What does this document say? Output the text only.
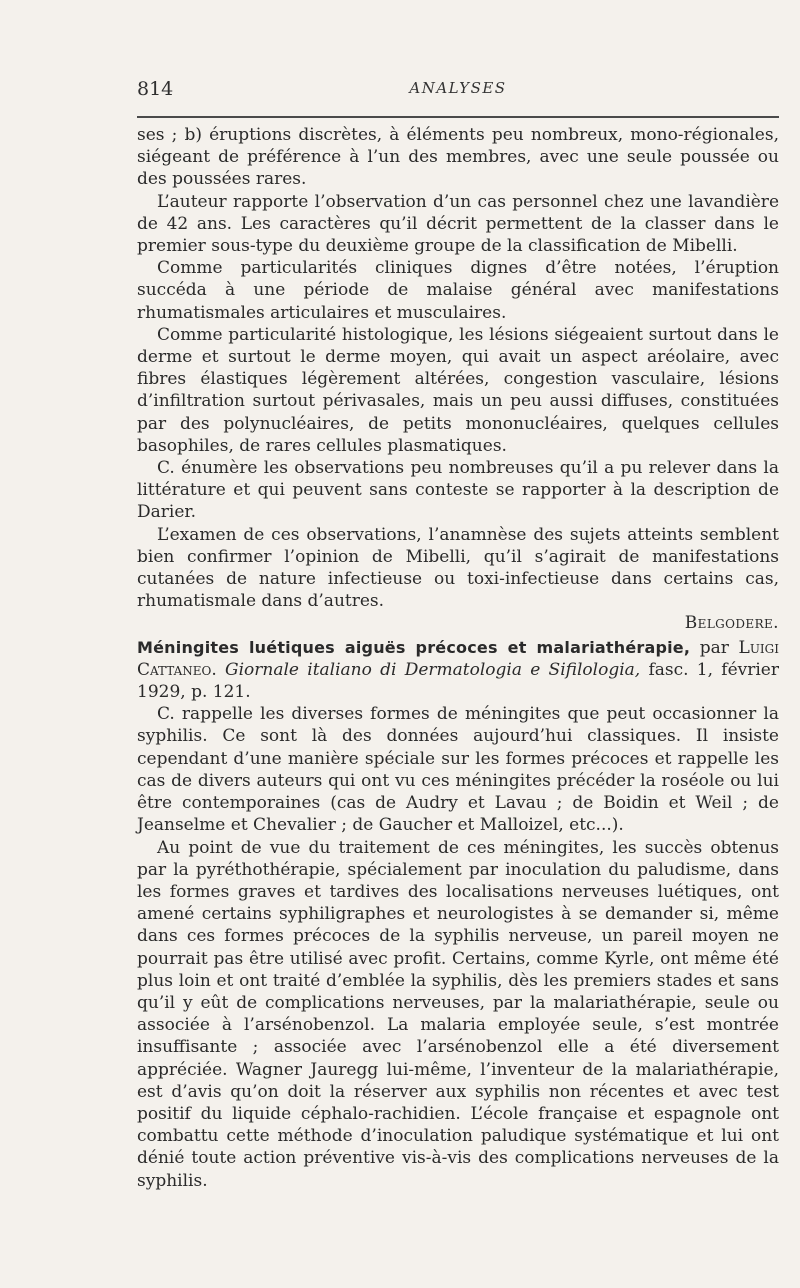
814	ANALYSES

ses ; b) éruptions discrètes, à éléments peu nombreux, mono-régionales, siégeant de préférence à l’un des membres, avec une seule poussée ou des poussées rares.

L’auteur rapporte l’observation d’un cas personnel chez une lavandière de 42 ans. Les caractères qu’il décrit permettent de la classer dans le premier sous-type du deuxième groupe de la classification de Mibelli.

Comme particularités cliniques dignes d’être notées, l’éruption succéda à une période de malaise général avec manifestations rhumatismales articulaires et musculaires.

Comme particularité histologique, les lésions siégeaient surtout dans le derme et surtout le derme moyen, qui avait un aspect aréolaire, avec fibres élastiques légèrement altérées, congestion vasculaire, lésions d’infiltration surtout périvasales, mais un peu aussi diffuses, constituées par des polynucléaires, de petits mononucléaires, quelques cellules basophiles, de rares cellules plasmatiques.

C. énumère les observations peu nombreuses qu’il a pu relever dans la littérature et qui peuvent sans conteste se rapporter à la description de Darier.

L’examen de ces observations, l’anamnèse des sujets atteints semblent bien confirmer l’opinion de Mibelli, qu’il s’agirait de manifestations cutanées de nature infectieuse ou toxi-infectieuse dans certains cas, rhumatismale dans d’autres.

Belgodere.

Méningites luétiques aiguës précoces et malariathérapie, par Luigi Cattaneo. Giornale italiano di Dermatologia e Sifilologia, fasc. 1, février 1929, p. 121.

C. rappelle les diverses formes de méningites que peut occasionner la syphilis. Ce sont là des données aujourd’hui classiques. Il insiste cependant d’une manière spéciale sur les formes précoces et rappelle les cas de divers auteurs qui ont vu ces méningites précéder la roséole ou lui être contemporaines (cas de Audry et Lavau ; de Boidin et Weil ; de Jeanselme et Chevalier ; de Gaucher et Malloizel, etc...).

Au point de vue du traitement de ces méningites, les succès obtenus par la pyréthothérapie, spécialement par inoculation du paludisme, dans les formes graves et tardives des localisations nerveuses luétiques, ont amené certains syphiligraphes et neurologistes à se demander si, même dans ces formes précoces de la syphilis nerveuse, un pareil moyen ne pourrait pas être utilisé avec profit. Certains, comme Kyrle, ont même été plus loin et ont traité d’emblée la syphilis, dès les premiers stades et sans qu’il y eût de complications nerveuses, par la malariathérapie, seule ou associée à l’arsénobenzol. La malaria employée seule, s’est montrée insuffisante ; associée avec l’arsénobenzol elle a été diversement appréciée. Wagner Jauregg lui-même, l’inventeur de la malariathérapie, est d’avis qu’on doit la réserver aux syphilis non récentes et avec test positif du liquide céphalo-rachidien. L’école française et espagnole ont combattu cette méthode d’inoculation paludique systématique et lui ont dénié toute action préventive vis-à-vis des complications nerveuses de la syphilis.
